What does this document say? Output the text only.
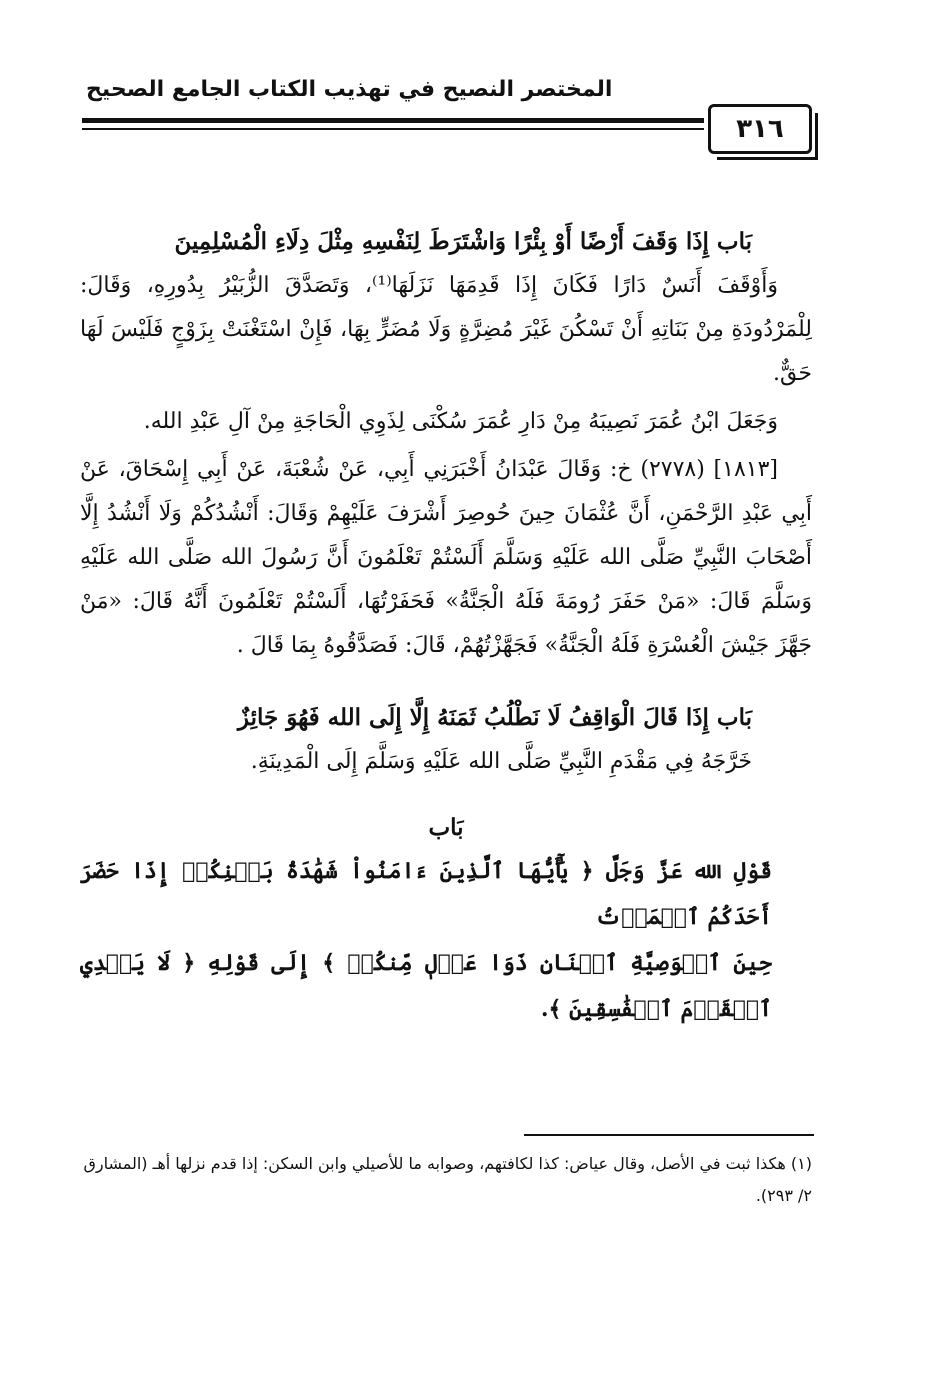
المختصر النصيح في تهذيب الكتاب الجامع الصحيح
٣١٦

بَاب إِذَا وَقَفَ أَرْضًا أَوْ بِئْرًا وَاشْتَرَطَ لِنَفْسِهِ مِثْلَ دِلَاءِ الْمُسْلِمِينَ

وَأَوْقَفَ أَنَسٌ دَارًا فَكَانَ إِذَا قَدِمَهَا نَزَلَهَا⁽¹⁾، وَتَصَدَّقَ الزُّبَيْرُ بِدُورِهِ، وَقَالَ: لِلْمَرْدُودَةِ مِنْ بَنَاتِهِ أَنْ تَسْكُنَ غَيْرَ مُضِرَّةٍ وَلَا مُضَرٍّ بِهَا، فَإِنْ اسْتَغْنَتْ بِزَوْجٍ فَلَيْسَ لَهَا حَقٌّ.

وَجَعَلَ ابْنُ عُمَرَ نَصِيبَهُ مِنْ دَارِ عُمَرَ سُكْنَى لِذَوِي الْحَاجَةِ مِنْ آلِ عَبْدِ الله.

[١٨١٣] (٢٧٧٨) خ: وَقَالَ عَبْدَانُ أَخْبَرَنِي أَبِي، عَنْ شُعْبَةَ، عَنْ أَبِي إِسْحَاقَ، عَنْ أَبِي عَبْدِ الرَّحْمَنِ، أَنَّ عُثْمَانَ حِينَ حُوصِرَ أَشْرَفَ عَلَيْهِمْ وَقَالَ: أَنْشُدُكُمْ وَلَا أَنْشُدُ إِلَّا أَصْحَابَ النَّبِيِّ صَلَّى الله عَلَيْهِ وَسَلَّمَ أَلَسْتُمْ تَعْلَمُونَ أَنَّ رَسُولَ الله صَلَّى الله عَلَيْهِ وَسَلَّمَ قَالَ: «مَنْ حَفَرَ رُومَةَ فَلَهُ الْجَنَّةُ» فَحَفَرْتُهَا، أَلَسْتُمْ تَعْلَمُونَ أَنَّهُ قَالَ: «مَنْ جَهَّزَ جَيْشَ الْعُسْرَةِ فَلَهُ الْجَنَّةُ» فَجَهَّزْتُهُمْ، قَالَ: فَصَدَّقُوهُ بِمَا قَالَ .

بَاب إِذَا قَالَ الْوَاقِفُ لَا نَطْلُبُ ثَمَنَهُ إِلَّا إِلَى الله فَهُوَ جَائِزٌ

خَرَّجَهُ فِي مَقْدَمِ النَّبِيِّ صَلَّى الله عَلَيْهِ وَسَلَّمَ إِلَى الْمَدِينَةِ.

بَاب

قَوْلِ الله عَزَّ وَجَلَّ ﴿ يَٰٓأَيُّهَا ٱلَّذِينَ ءَامَنُواْ شَهَٰدَةُ بَيۡنِكُمۡ إِذَا حَضَرَ أَحَدَكُمُ ٱلۡمَوۡتُ

حِينَ ٱلۡوَصِيَّةِ ٱثۡنَانِ ذَوَا عَدۡلٖ مِّنكُمۡ ﴾ إِلَى قَوْلِهِ ﴿ لَا يَهۡدِي ٱلۡقَوۡمَ ٱلۡفَٰسِقِينَ ﴾.

(١) هكذا ثبت في الأصل، وقال عياض: كذا لكافتهم، وصوابه ما للأصيلي وابن السكن: إذا قدم نزلها أهـ (المشارق ٢/ ٢٩٣).
